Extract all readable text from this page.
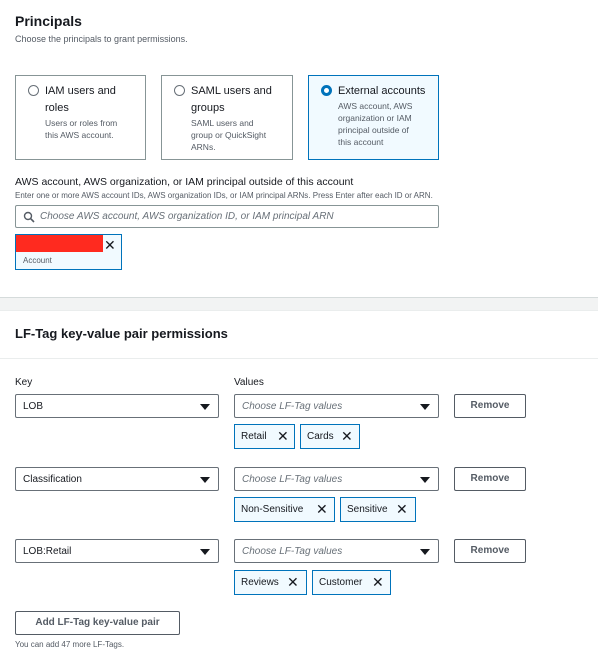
Principals
Choose the principals to grant permissions.
IAM users and
roles
Users or roles from
this AWS account.
SAML users and
groups
SAML users and
group or QuickSight
ARNs.
External accounts
AWS account, AWS
organization or IAM
principal outside of
this account
AWS account, AWS organization, or IAM principal outside of this account
Enter one or more AWS account IDs, AWS organization IDs, or IAM principal ARNs. Press Enter after each ID or ARN.
Choose AWS account, AWS organization ID, or IAM principal ARN
✕
Account
LF-Tag key-value pair permissions
Key	Values
LOB	Choose LF-Tag values	Remove
Retail ✕ Cards ✕
Classification	Choose LF-Tag values	Remove
Non-Sensitive ✕ Sensitive ✕
LOB:Retail	Choose LF-Tag values	Remove
Reviews ✕ Customer ✕
Add LF-Tag key-value pair
You can add 47 more LF-Tags.
